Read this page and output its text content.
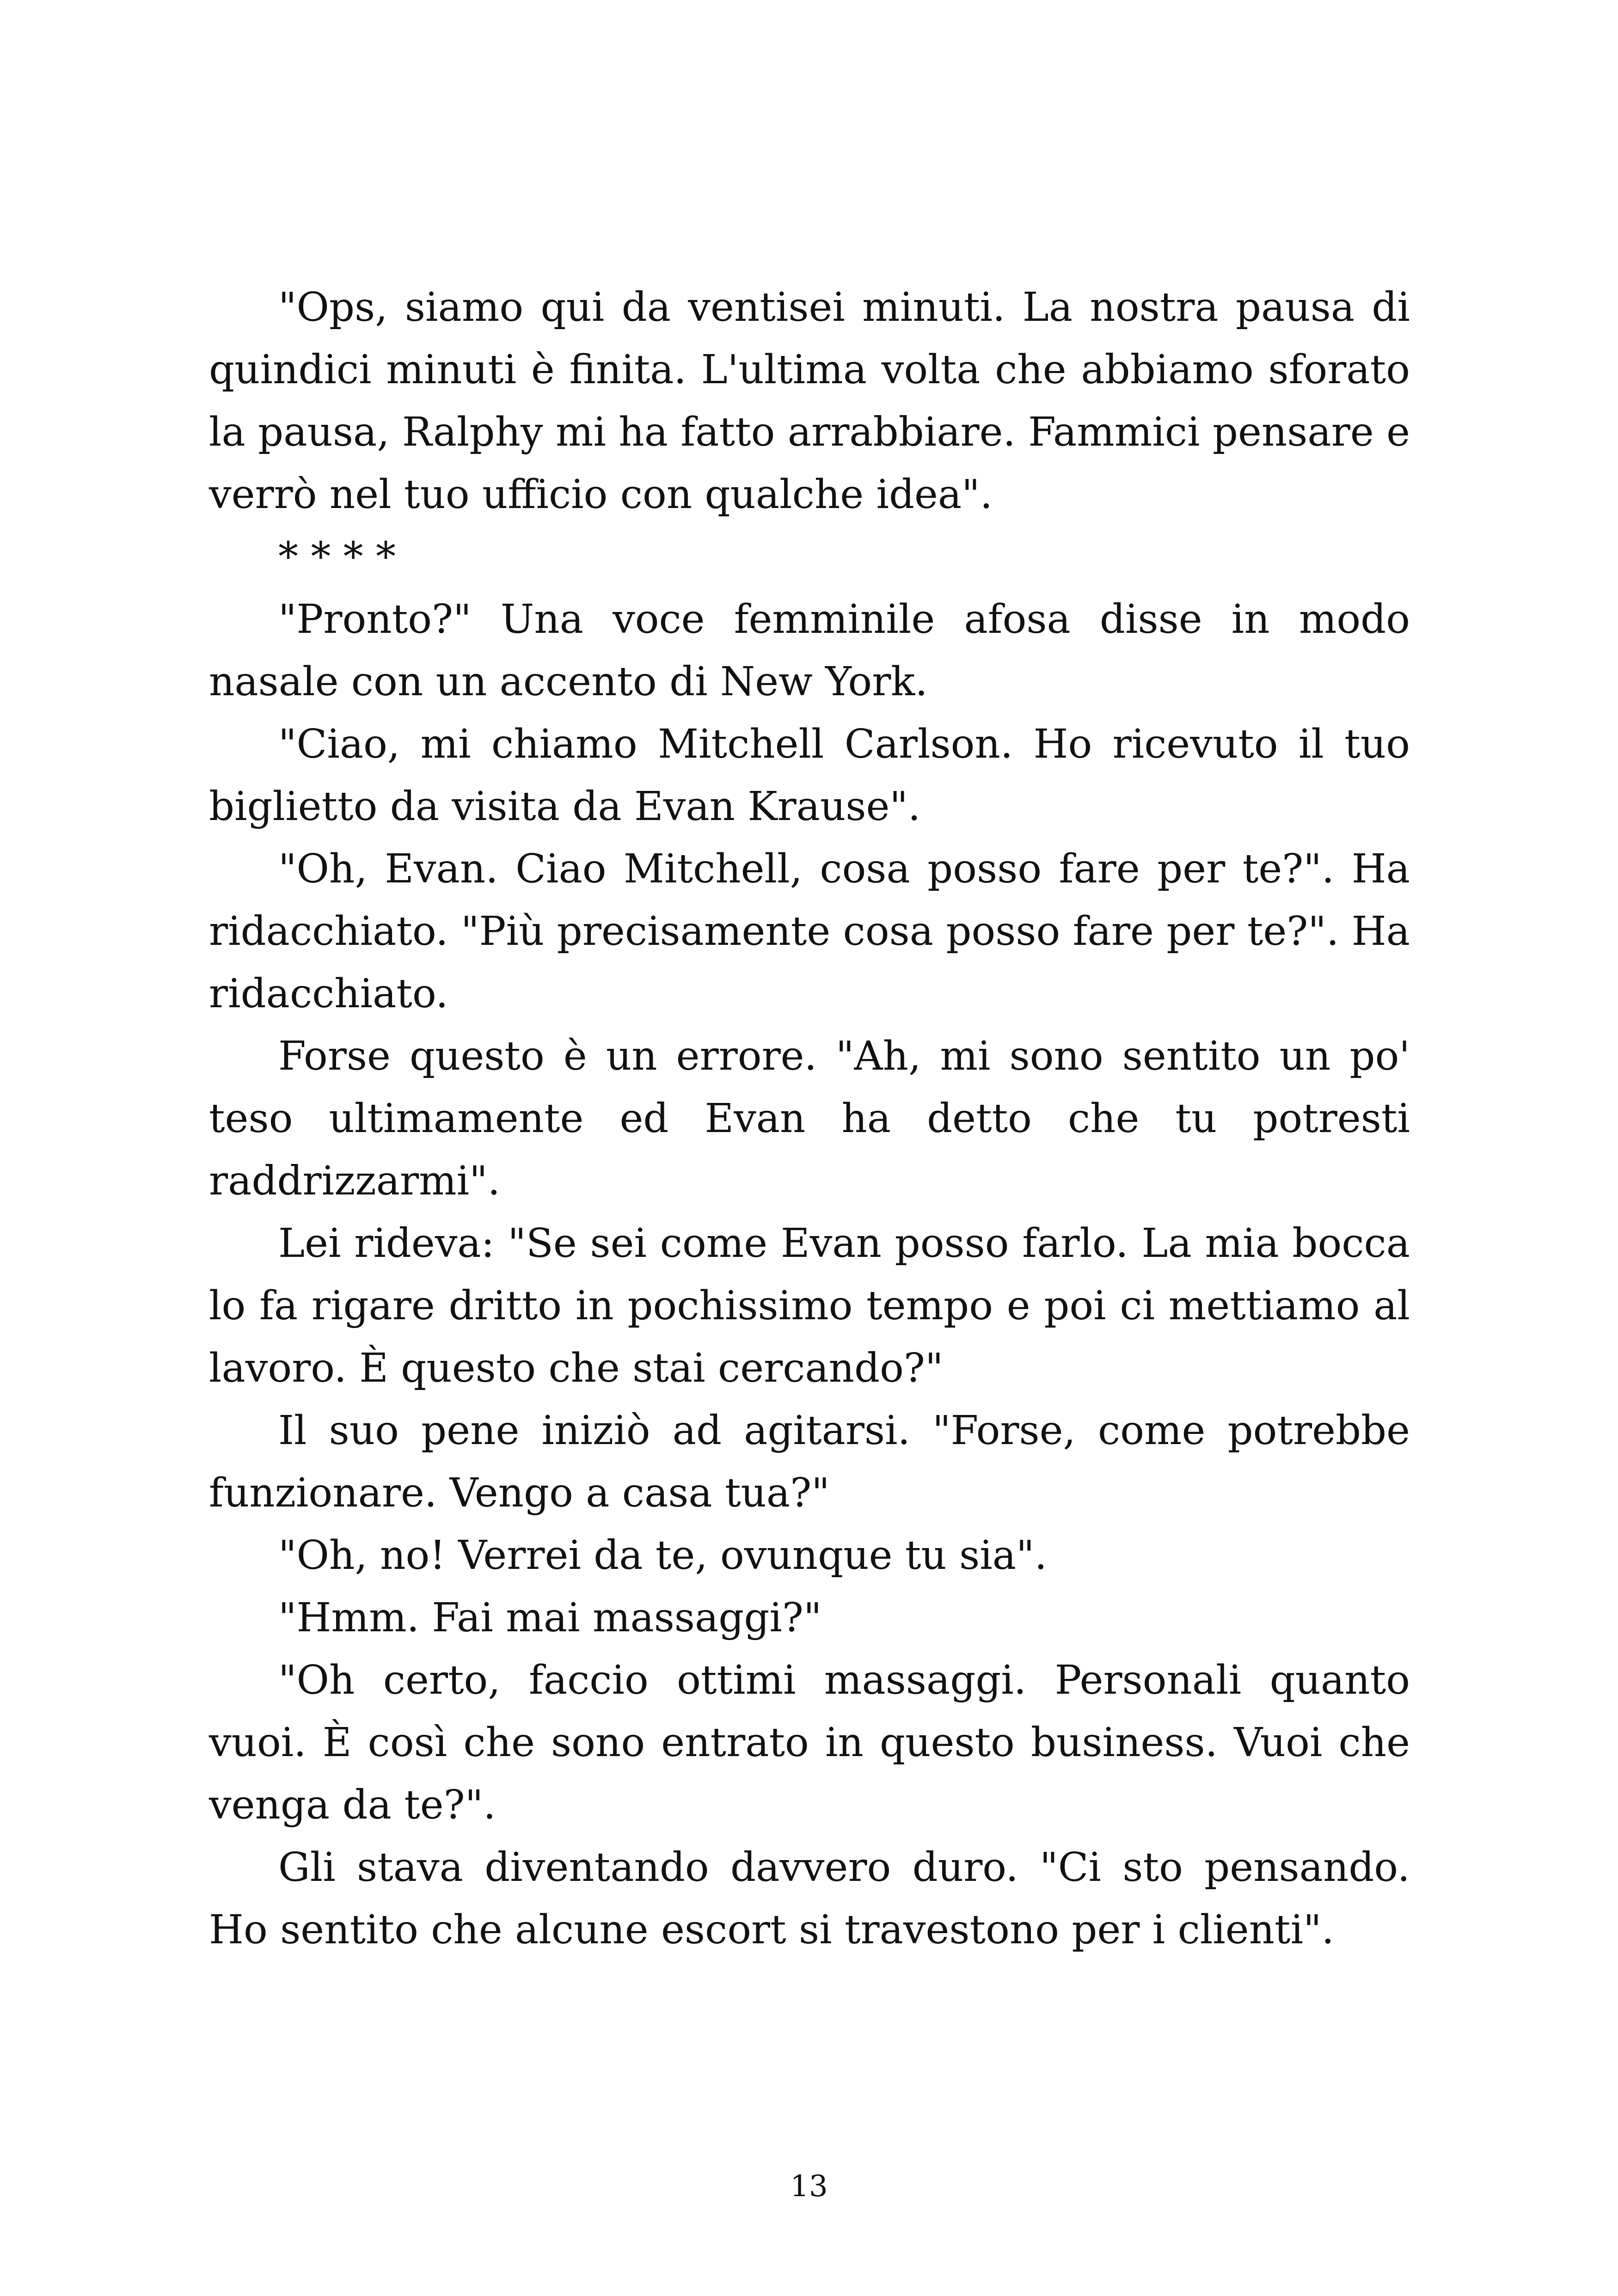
"Ops, siamo qui da ventisei minuti. La nostra pausa di quindici minuti è finita. L'ultima volta che abbiamo sforato la pausa, Ralphy mi ha fatto arrabbiare. Fammici pensare e verrò nel tuo ufficio con qualche idea".

* * * *

"Pronto?" Una voce femminile afosa disse in modo nasale con un accento di New York.

"Ciao, mi chiamo Mitchell Carlson. Ho ricevuto il tuo biglietto da visita da Evan Krause".

"Oh, Evan. Ciao Mitchell, cosa posso fare per te?". Ha ridacchiato. "Più precisamente cosa posso fare per te?". Ha ridacchiato.

Forse questo è un errore. "Ah, mi sono sentito un po' teso ultimamente ed Evan ha detto che tu potresti raddrizzarmi".

Lei rideva: "Se sei come Evan posso farlo. La mia bocca lo fa rigare dritto in pochissimo tempo e poi ci mettiamo al lavoro. È questo che stai cercando?"

Il suo pene iniziò ad agitarsi. "Forse, come potrebbe funzionare. Vengo a casa tua?"

"Oh, no! Verrei da te, ovunque tu sia".

"Hmm. Fai mai massaggi?"

"Oh certo, faccio ottimi massaggi. Personali quanto vuoi. È così che sono entrato in questo business. Vuoi che venga da te?".

Gli stava diventando davvero duro. "Ci sto pensando. Ho sentito che alcune escort si travestono per i clienti".

13
